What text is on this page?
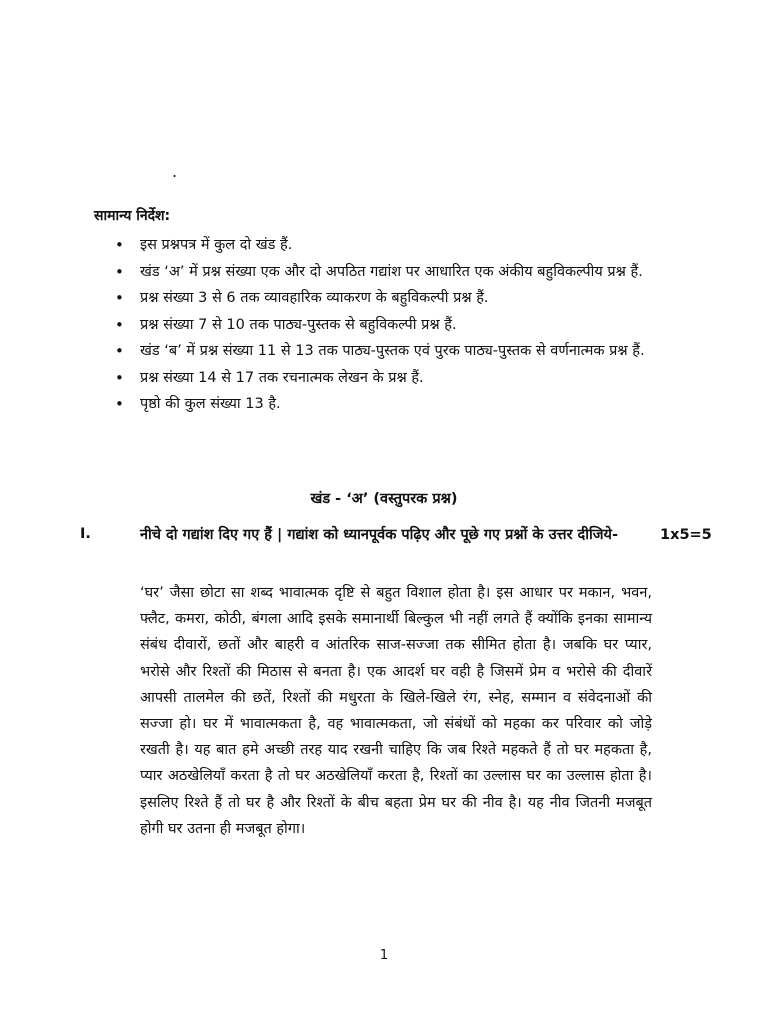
.
सामान्य निर्देश:
• इस प्रश्नपत्र में कुल दो खंड हैं.
• खंड ‘अ’ में प्रश्न संख्या एक और दो अपठित गद्यांश पर आधारित एक अंकीय बहुविकल्पीय प्रश्न हैं.
• प्रश्न संख्या 3 से 6 तक व्यावहारिक व्याकरण के बहुविकल्पी प्रश्न हैं.
• प्रश्न संख्या 7 से 10 तक पाठ्य-पुस्तक से बहुविकल्पी प्रश्न हैं.
• खंड ‘ब’ में प्रश्न संख्या 11 से 13 तक पाठ्य-पुस्तक एवं पुरक पाठ्य-पुस्तक से वर्णनात्मक प्रश्न हैं.
• प्रश्न संख्या 14 से 17 तक रचनात्मक लेखन के प्रश्न हैं.
• पृष्ठो की कुल संख्या 13 है.
खंड - ‘अ’ (वस्तुपरक प्रश्न)
I.	नीचे दो गद्यांश दिए गए हैं | गद्यांश को ध्यानपूर्वक पढ़िए और पूछे गए प्रश्नों के उत्तर दीजिये-	1x5=5

‘घर’ जैसा छोटा सा शब्द भावात्मक दृष्टि से बहुत विशाल होता है। इस आधार पर मकान, भवन, फ्लैट, कमरा, कोठी, बंगला आदि इसके समानार्थी बिल्कुल भी नहीं लगते हैं क्योंकि इनका सामान्य संबंध दीवारों, छतों और बाहरी व आंतरिक साज-सज्जा तक सीमित होता है। जबकि घर प्यार, भरोसे और रिश्तों की मिठास से बनता है। एक आदर्श घर वही है जिसमें प्रेम व भरोसे की दीवारें आपसी तालमेल की छतें, रिश्तों की मधुरता के खिले-खिले रंग, स्नेह, सम्मान व संवेदनाओं की सज्जा हो। घर में भावात्मकता है, वह भावात्मकता, जो संबंधों को महका कर परिवार को जोड़े रखती है। यह बात हमे अच्छी तरह याद रखनी चाहिए कि जब रिश्ते महकते हैं तो घर महकता है, प्यार अठखेलियाँ करता है तो घर अठखेलियाँ करता है, रिश्तों का उल्लास घर का उल्लास होता है। इसलिए रिश्ते हैं तो घर है और रिश्तों के बीच बहता प्रेम घर की नीव है। यह नीव जितनी मजबूत होगी घर उतना ही मजबूत होगा।

1
